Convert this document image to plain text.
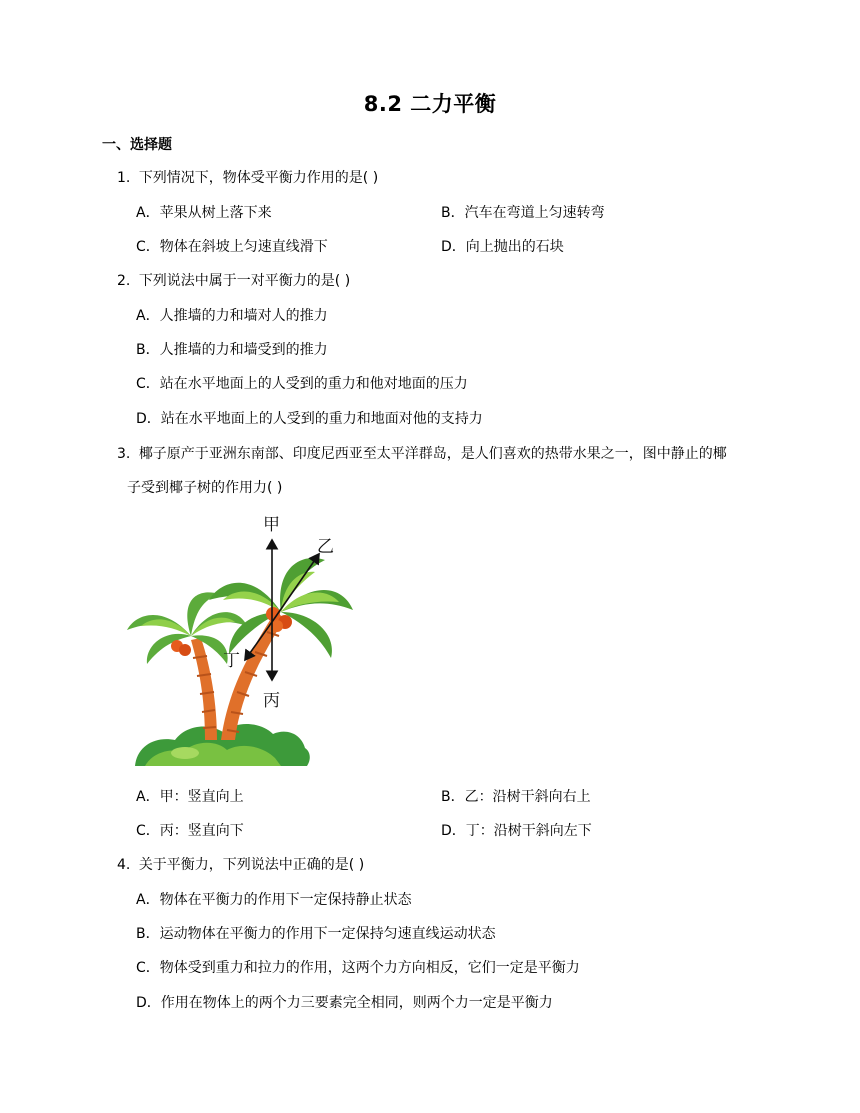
8.2 二力平衡
一、选择题
1. 下列情况下，物体受平衡力作用的是( )
A．苹果从树上落下来	B．汽车在弯道上匀速转弯
C．物体在斜坡上匀速直线滑下	D．向上抛出的石块
2. 下列说法中属于一对平衡力的是( )
A．人推墙的力和墙对人的推力
B．人推墙的力和墙受到的推力
C．站在水平地面上的人受到的重力和他对地面的压力
D．站在水平地面上的人受到的重力和地面对他的支持力
3. 椰子原产于亚洲东南部、印度尼西亚至太平洋群岛，是人们喜欢的热带水果之一，图中静止的椰
子受到椰子树的作用力( )
甲
乙
丙
丁
A．甲：竖直向上	B．乙：沿树干斜向右上
C．丙：竖直向下	D．丁：沿树干斜向左下
4. 关于平衡力，下列说法中正确的是( )
A．物体在平衡力的作用下一定保持静止状态
B．运动物体在平衡力的作用下一定保持匀速直线运动状态
C．物体受到重力和拉力的作用，这两个力方向相反，它们一定是平衡力
D．作用在物体上的两个力三要素完全相同，则两个力一定是平衡力
